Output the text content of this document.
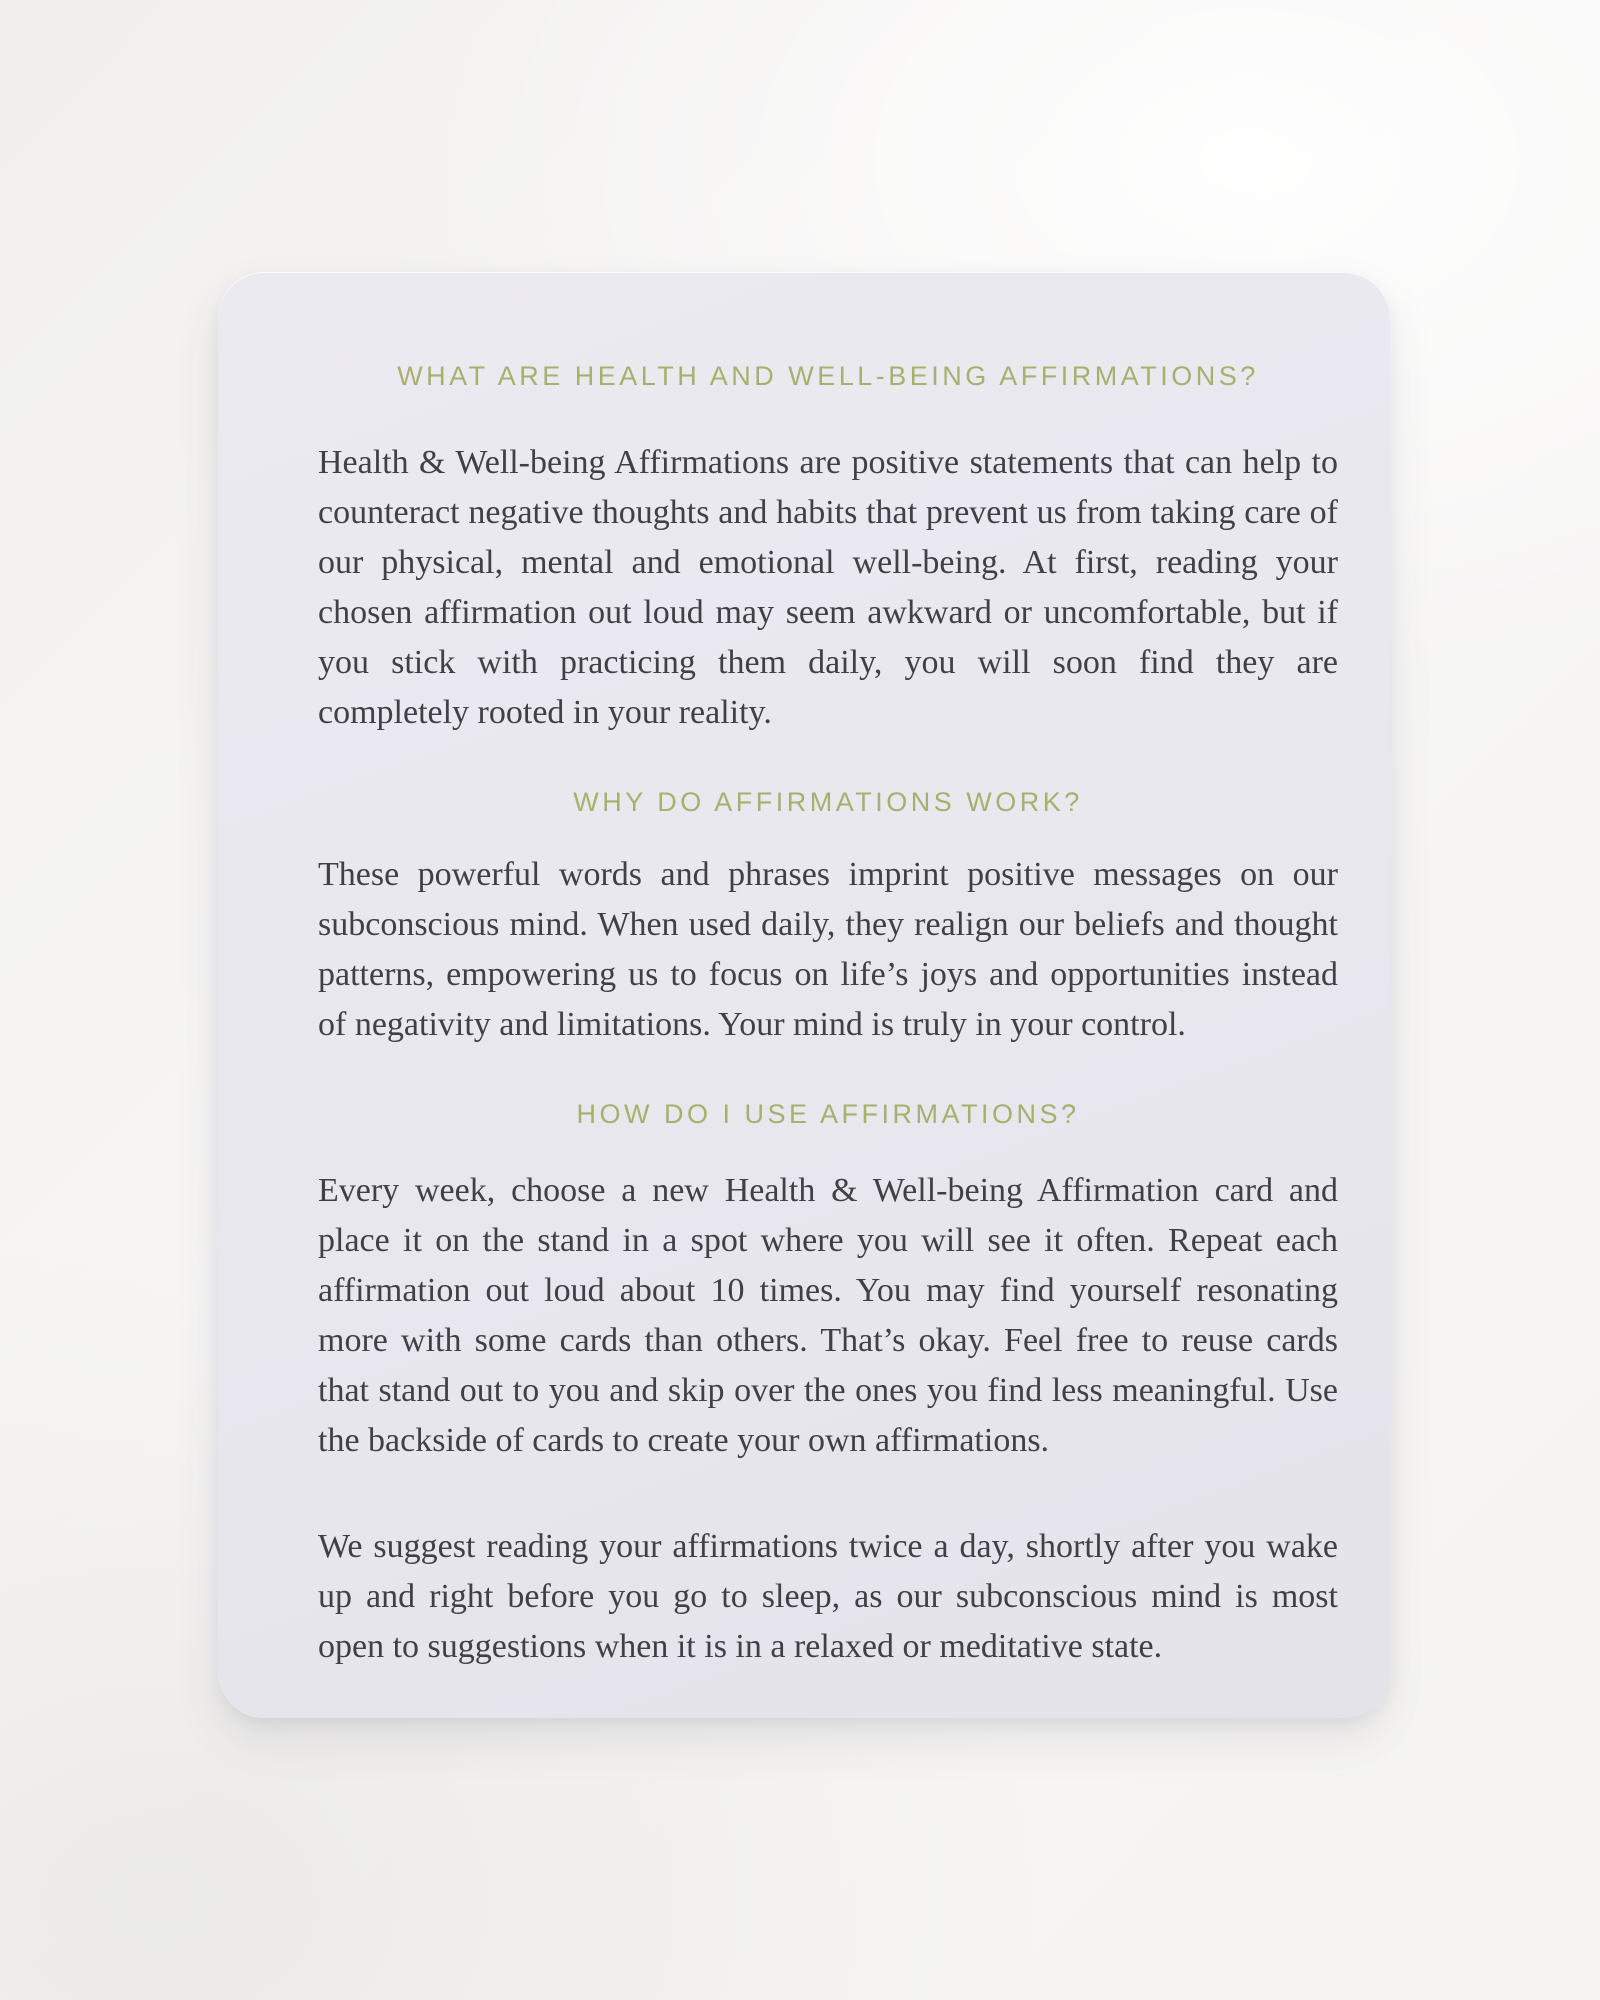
WHAT ARE HEALTH AND WELL-BEING AFFIRMATIONS?

Health & Well-being Affirmations are positive statements that can help to counteract negative thoughts and habits that prevent us from taking care of our physical, mental and emotional well-being. At first, reading your chosen affirmation out loud may seem awkward or uncomfortable, but if you stick with practicing them daily, you will soon find they are completely rooted in your reality.

WHY DO AFFIRMATIONS WORK?

These powerful words and phrases imprint positive messages on our subconscious mind. When used daily, they realign our beliefs and thought patterns, empowering us to focus on life’s joys and opportunities instead of negativity and limitations. Your mind is truly in your control.

HOW DO I USE AFFIRMATIONS?

Every week, choose a new Health & Well-being Affirmation card and place it on the stand in a spot where you will see it often. Repeat each affirmation out loud about 10 times. You may find yourself resonating more with some cards than others. That’s okay. Feel free to reuse cards that stand out to you and skip over the ones you find less meaningful. Use the backside of cards to create your own affirmations.

We suggest reading your affirmations twice a day, shortly after you wake up and right before you go to sleep, as our subconscious mind is most open to suggestions when it is in a relaxed or meditative state.
